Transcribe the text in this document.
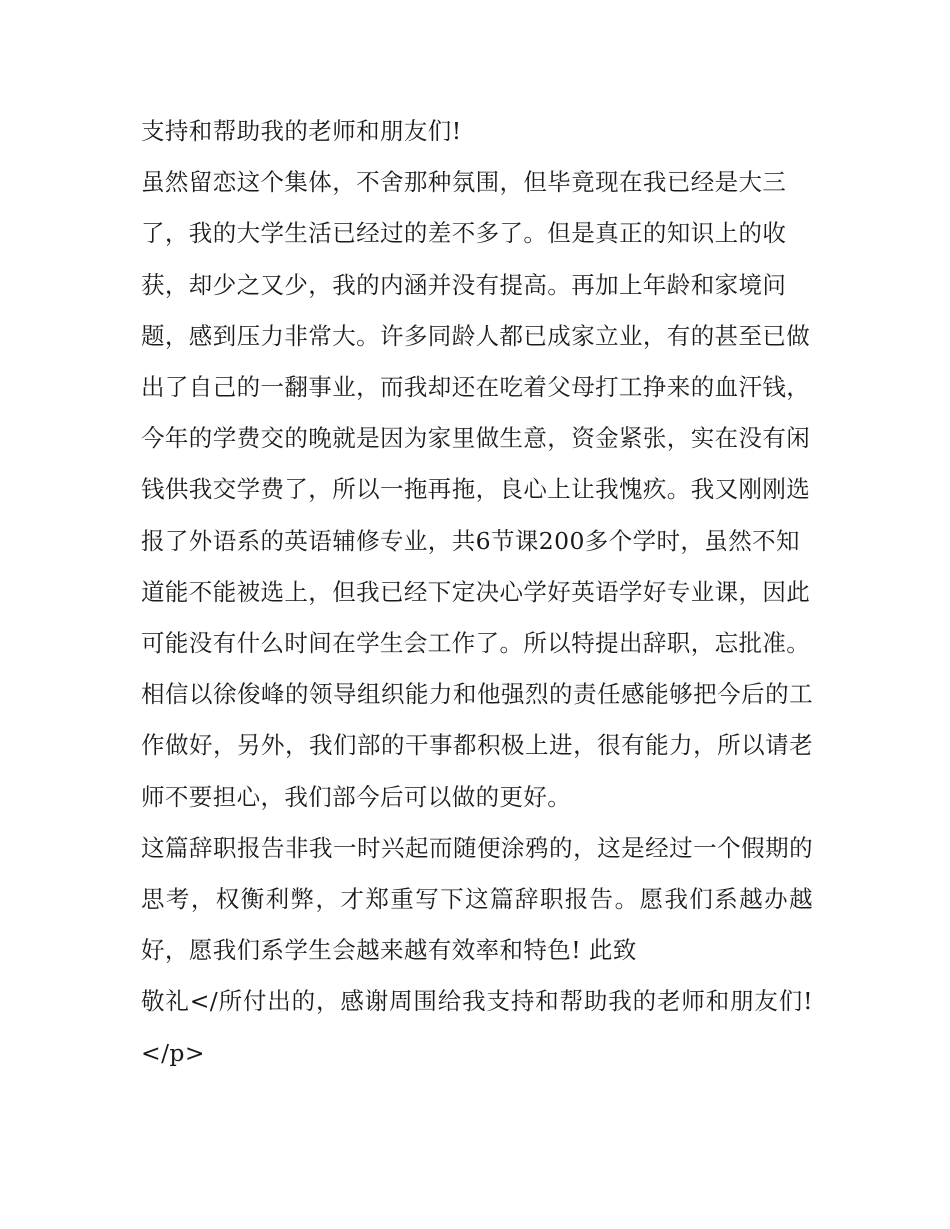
支持和帮助我的老师和朋友们!

虽然留恋这个集体，不舍那种氛围，但毕竟现在我已经是大三了，我的大学生活已经过的差不多了。但是真正的知识上的收获，却少之又少，我的内涵并没有提高。再加上年龄和家境问题，感到压力非常大。许多同龄人都已成家立业，有的甚至已做出了自己的一翻事业，而我却还在吃着父母打工挣来的血汗钱，今年的学费交的晚就是因为家里做生意，资金紧张，实在没有闲钱供我交学费了，所以一拖再拖，良心上让我愧疚。我又刚刚选报了外语系的英语辅修专业，共6节课200多个学时，虽然不知道能不能被选上，但我已经下定决心学好英语学好专业课，因此可能没有什么时间在学生会工作了。所以特提出辞职，忘批准。

相信以徐俊峰的领导组织能力和他强烈的责任感能够把今后的工作做好，另外，我们部的干事都积极上进，很有能力，所以请老师不要担心，我们部今后可以做的更好。

这篇辞职报告非我一时兴起而随便涂鸦的，这是经过一个假期的思考，权衡利弊，才郑重写下这篇辞职报告。愿我们系越办越好，愿我们系学生会越来越有效率和特色! 此致

敬礼</所付出的，感谢周围给我支持和帮助我的老师和朋友们!</p>
